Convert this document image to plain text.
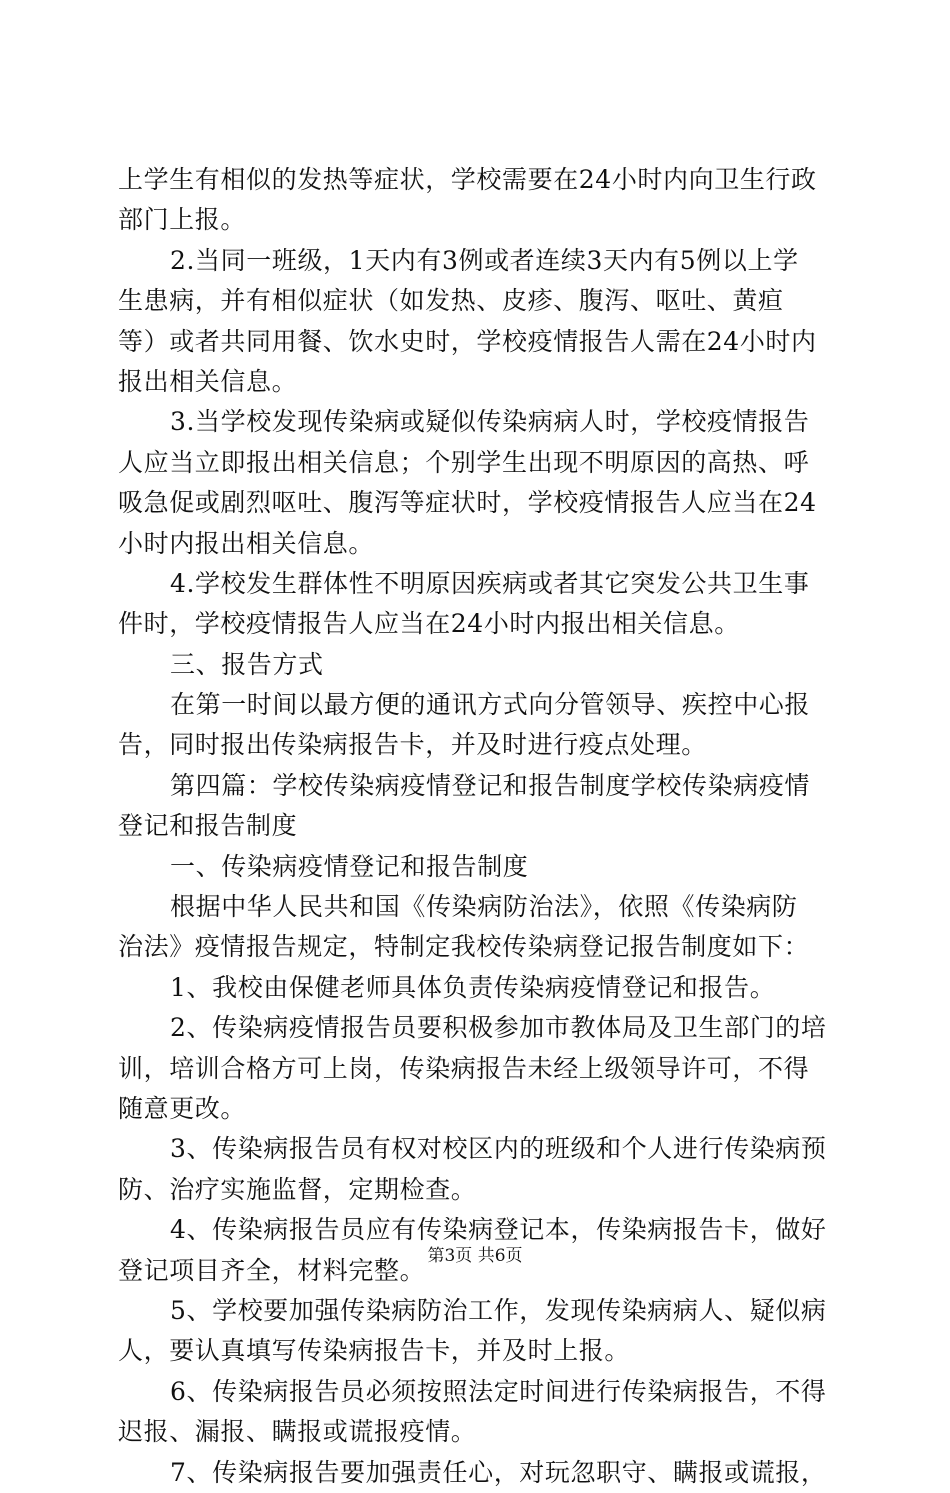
上学生有相似的发热等症状，学校需要在24小时内向卫生行政
部门上报。
2.当同一班级，1天内有3例或者连续3天内有5例以上学
生患病，并有相似症状（如发热、皮疹、腹泻、呕吐、黄疸
等）或者共同用餐、饮水史时，学校疫情报告人需在24小时内
报出相关信息。
3.当学校发现传染病或疑似传染病病人时，学校疫情报告
人应当立即报出相关信息；个别学生出现不明原因的高热、呼
吸急促或剧烈呕吐、腹泻等症状时，学校疫情报告人应当在24
小时内报出相关信息。
4.学校发生群体性不明原因疾病或者其它突发公共卫生事
件时，学校疫情报告人应当在24小时内报出相关信息。
三、报告方式
在第一时间以最方便的通讯方式向分管领导、疾控中心报
告，同时报出传染病报告卡，并及时进行疫点处理。
第四篇：学校传染病疫情登记和报告制度学校传染病疫情
登记和报告制度
一、传染病疫情登记和报告制度
根据中华人民共和国《传染病防治法》，依照《传染病防
治法》疫情报告规定，特制定我校传染病登记报告制度如下：
1、我校由保健老师具体负责传染病疫情登记和报告。
2、传染病疫情报告员要积极参加市教体局及卫生部门的培
训，培训合格方可上岗，传染病报告未经上级领导许可，不得
随意更改。
3、传染病报告员有权对校区内的班级和个人进行传染病预
防、治疗实施监督，定期检查。
4、传染病报告员应有传染病登记本，传染病报告卡，做好
登记项目齐全，材料完整。
5、学校要加强传染病防治工作，发现传染病病人、疑似病
人，要认真填写传染病报告卡，并及时上报。
6、传染病报告员必须按照法定时间进行传染病报告，不得
迟报、漏报、瞒报或谎报疫情。
7、传染病报告要加强责任心，对玩忽职守、瞒报或谎报，
第3页 共6页
